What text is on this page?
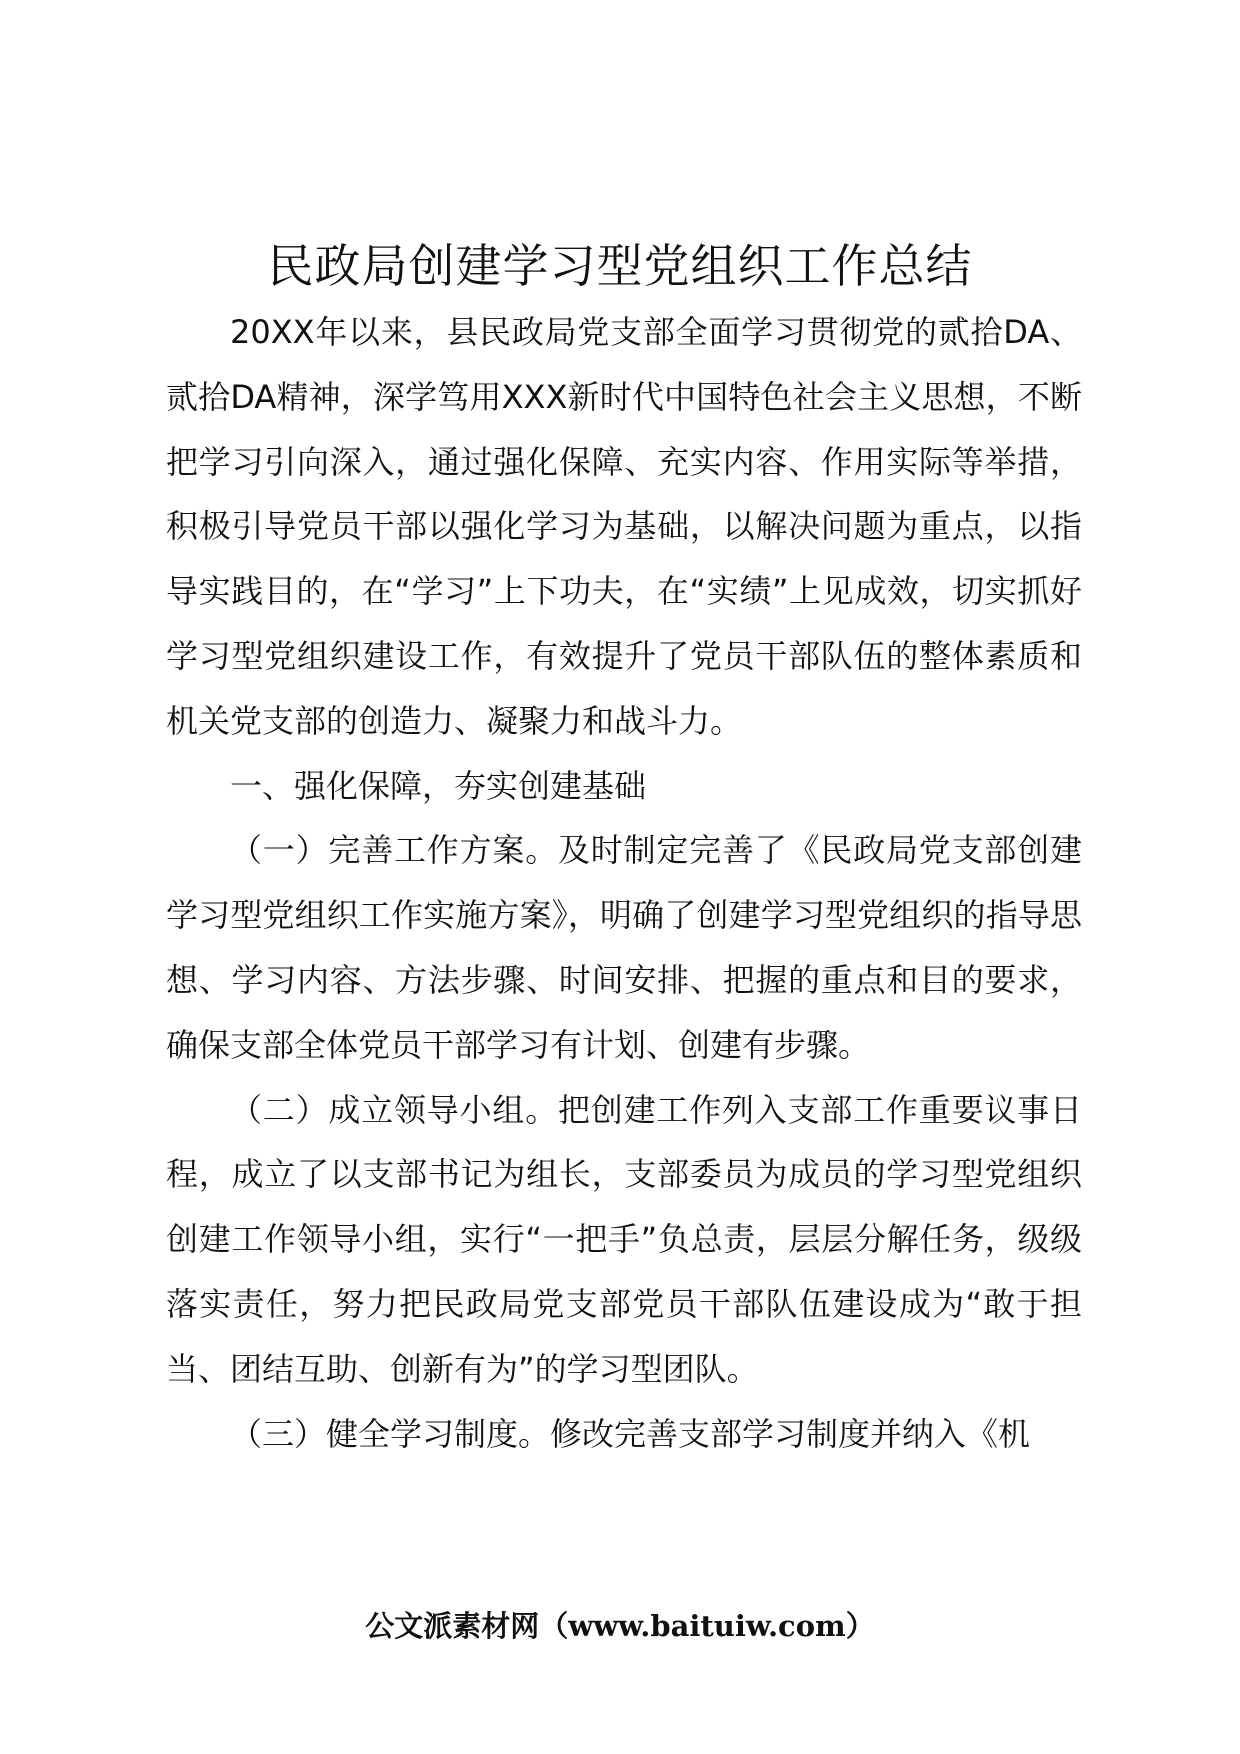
民政局创建学习型党组织工作总结

20XX年以来，县民政局党支部全面学习贯彻党的贰拾DA、贰拾DA精神，深学笃用XXX新时代中国特色社会主义思想，不断把学习引向深入，通过强化保障、充实内容、作用实际等举措，积极引导党员干部以强化学习为基础，以解决问题为重点，以指导实践目的，在“学习”上下功夫，在“实绩”上见成效，切实抓好学习型党组织建设工作，有效提升了党员干部队伍的整体素质和机关党支部的创造力、凝聚力和战斗力。

一、强化保障，夯实创建基础

（一）完善工作方案。及时制定完善了《民政局党支部创建学习型党组织工作实施方案》，明确了创建学习型党组织的指导思想、学习内容、方法步骤、时间安排、把握的重点和目的要求，确保支部全体党员干部学习有计划、创建有步骤。

（二）成立领导小组。把创建工作列入支部工作重要议事日程，成立了以支部书记为组长，支部委员为成员的学习型党组织创建工作领导小组，实行“一把手”负总责，层层分解任务，级级落实责任，努力把民政局党支部党员干部队伍建设成为“敢于担当、团结互助、创新有为”的学习型团队。

（三）健全学习制度。修改完善支部学习制度并纳入《机

公文派素材网（www.baituiw.com）
